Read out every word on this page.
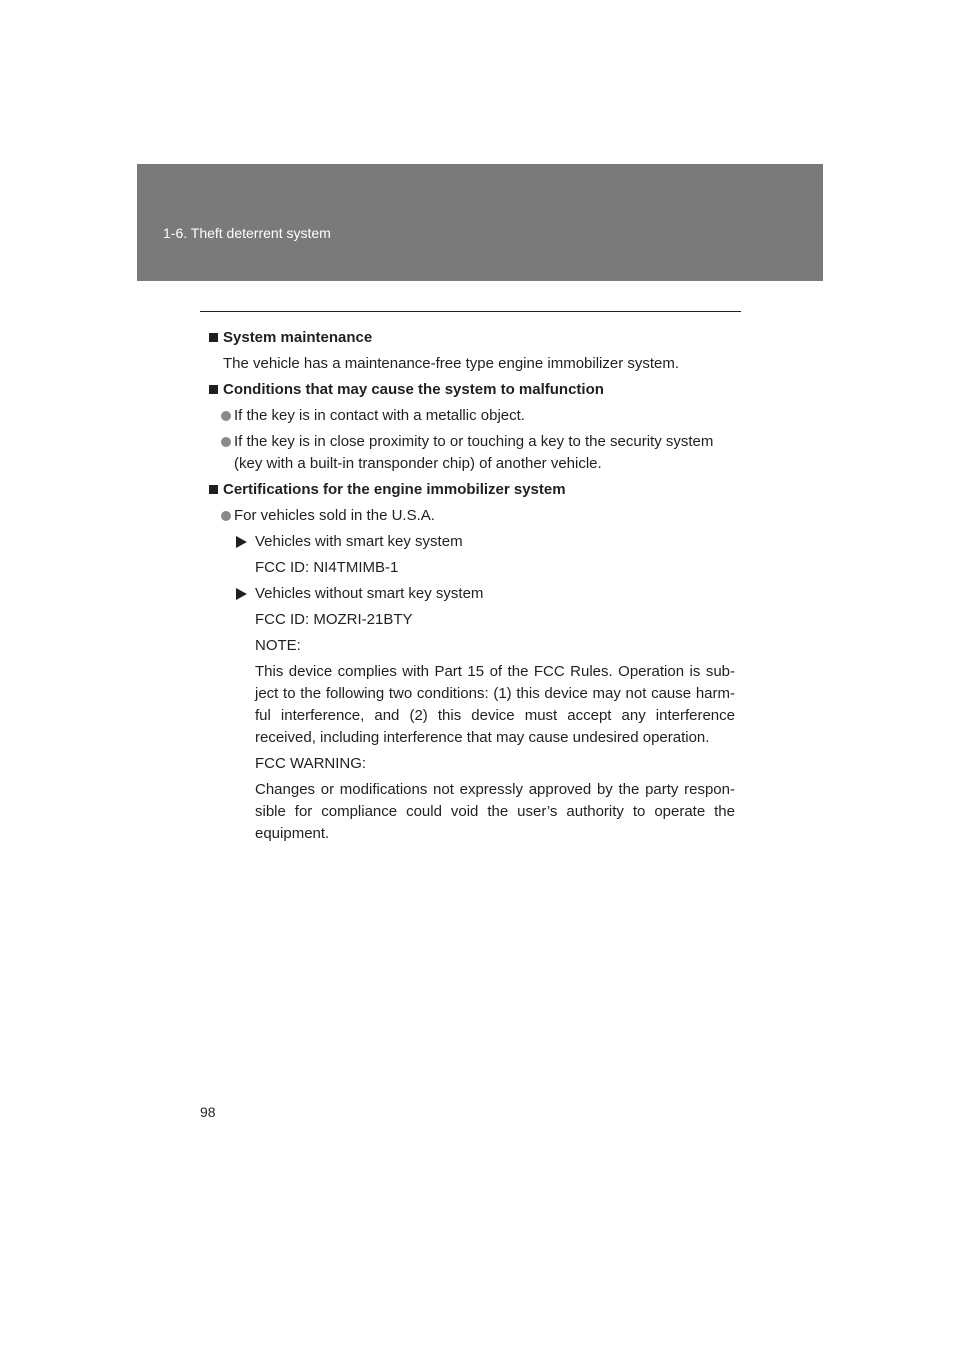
1-6. Theft deterrent system
System maintenance
The vehicle has a maintenance-free type engine immobilizer system.
Conditions that may cause the system to malfunction
If the key is in contact with a metallic object.
If the key is in close proximity to or touching a key to the security system (key with a built-in transponder chip) of another vehicle.
Certifications for the engine immobilizer system
For vehicles sold in the U.S.A.
Vehicles with smart key system
FCC ID: NI4TMIMB-1
Vehicles without smart key system
FCC ID: MOZRI-21BTY
NOTE:
This device complies with Part 15 of the FCC Rules. Operation is sub-ject to the following two conditions: (1) this device may not cause harm-ful interference, and (2) this device must accept any interference received, including interference that may cause undesired operation.
FCC WARNING:
Changes or modifications not expressly approved by the party respon-sible for compliance could void the user’s authority to operate the equipment.
98
